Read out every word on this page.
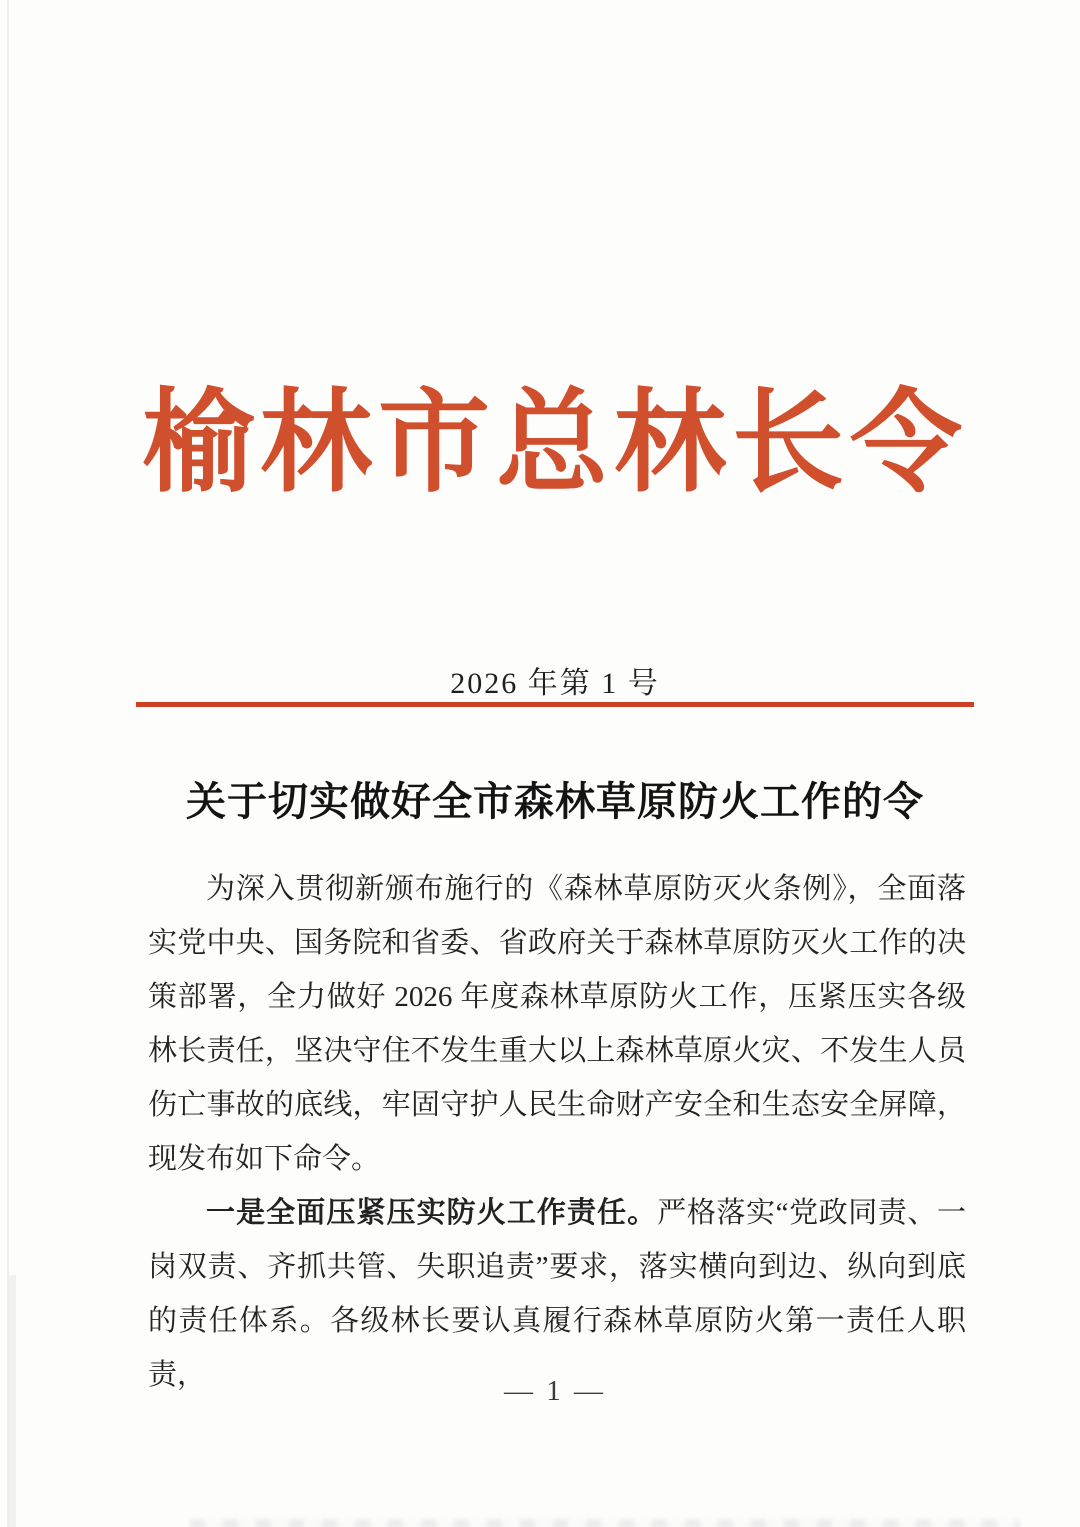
榆林市总林长令
2026 年第 1 号
关于切实做好全市森林草原防火工作的令

为深入贯彻新颁布施行的《森林草原防灭火条例》，全面落实党中央、国务院和省委、省政府关于森林草原防灭火工作的决策部署，全力做好 2026 年度森林草原防火工作，压紧压实各级林长责任，坚决守住不发生重大以上森林草原火灾、不发生人员伤亡事故的底线，牢固守护人民生命财产安全和生态安全屏障，现发布如下命令。

一是全面压紧压实防火工作责任。严格落实“党政同责、一岗双责、齐抓共管、失职追责”要求，落实横向到边、纵向到底的责任体系。各级林长要认真履行森林草原防火第一责任人职责，	— 1 —
